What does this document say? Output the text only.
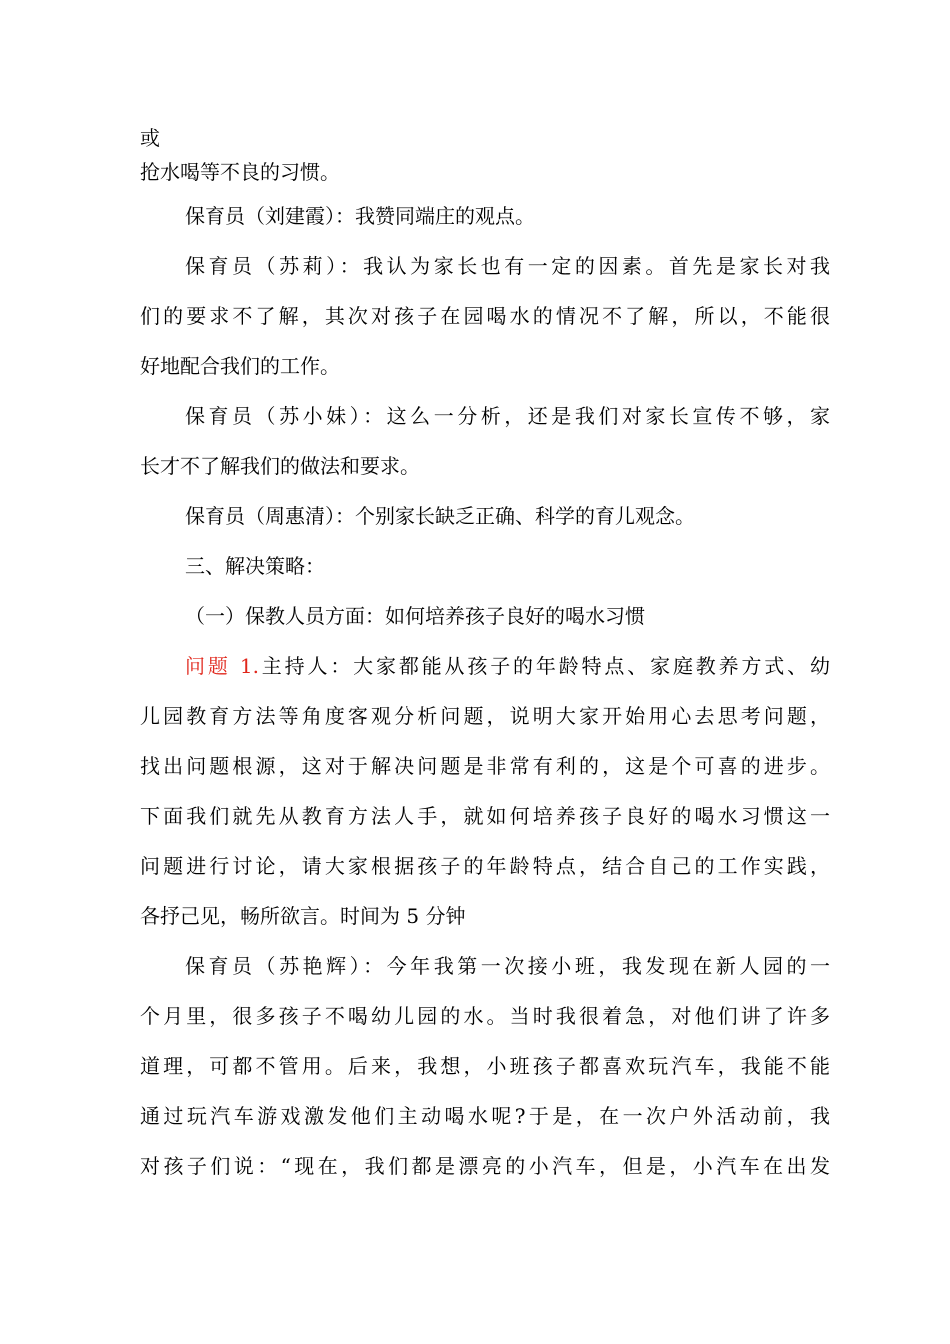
或
抢水喝等不良的习惯。
保育员（刘建霞）：我赞同端庄的观点。
保育员（苏莉）：我认为家长也有一定的因素。首先是家长对我
们的要求不了解，其次对孩子在园喝水的情况不了解，所以，不能很
好地配合我们的工作。
保育员（苏小妹）：这么一分析，还是我们对家长宣传不够，家
长才不了解我们的做法和要求。
保育员（周惠清）：个别家长缺乏正确、科学的育儿观念。
三、解决策略：
（一）保教人员方面：如何培养孩子良好的喝水习惯
问题 1.主持人：大家都能从孩子的年龄特点、家庭教养方式、幼
儿园教育方法等角度客观分析问题，说明大家开始用心去思考问题，
找出问题根源，这对于解决问题是非常有利的，这是个可喜的进步。
下面我们就先从教育方法人手，就如何培养孩子良好的喝水习惯这一
问题进行讨论，请大家根据孩子的年龄特点，结合自己的工作实践，
各抒己见，畅所欲言。时间为 5 分钟
保育员（苏艳辉）：今年我第一次接小班，我发现在新人园的一
个月里，很多孩子不喝幼儿园的水。当时我很着急，对他们讲了许多
道理，可都不管用。后来，我想，小班孩子都喜欢玩汽车，我能不能
通过玩汽车游戏激发他们主动喝水呢?于是，在一次户外活动前，我
对孩子们说：“现在，我们都是漂亮的小汽车，但是，小汽车在出发
